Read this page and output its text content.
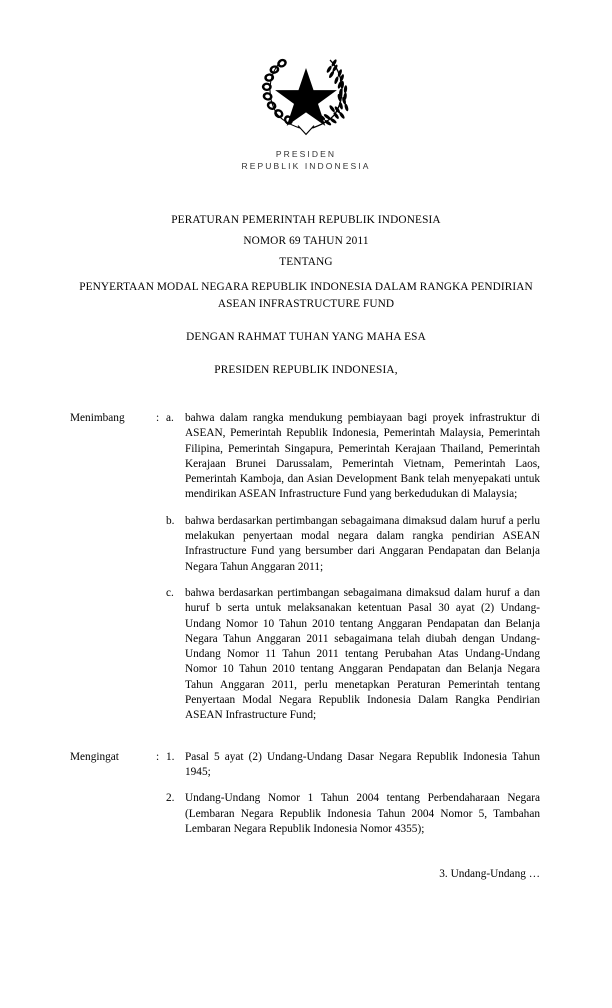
PRESIDEN
REPUBLIK INDONESIA
PERATURAN PEMERINTAH REPUBLIK INDONESIA
NOMOR 69 TAHUN 2011
TENTANG
PENYERTAAN MODAL NEGARA REPUBLIK INDONESIA DALAM RANGKA PENDIRIAN ASEAN INFRASTRUCTURE FUND
DENGAN RAHMAT TUHAN YANG MAHA ESA
PRESIDEN REPUBLIK INDONESIA,
Menimbang	: a. bahwa dalam rangka mendukung pembiayaan bagi proyek infrastruktur di ASEAN, Pemerintah Republik Indonesia, Pemerintah Malaysia, Pemerintah Filipina, Pemerintah Singapura, Pemerintah Kerajaan Thailand, Pemerintah Kerajaan Brunei Darussalam, Pemerintah Vietnam, Pemerintah Laos, Pemerintah Kamboja, dan Asian Development Bank telah menyepakati untuk mendirikan ASEAN Infrastructure Fund yang berkedudukan di Malaysia;
b. bahwa berdasarkan pertimbangan sebagaimana dimaksud dalam huruf a perlu melakukan penyertaan modal negara dalam rangka pendirian ASEAN Infrastructure Fund yang bersumber dari Anggaran Pendapatan dan Belanja Negara Tahun Anggaran 2011;
c. bahwa berdasarkan pertimbangan sebagaimana dimaksud dalam huruf a dan huruf b serta untuk melaksanakan ketentuan Pasal 30 ayat (2) Undang-Undang Nomor 10 Tahun 2010 tentang Anggaran Pendapatan dan Belanja Negara Tahun Anggaran 2011 sebagaimana telah diubah dengan Undang-Undang Nomor 11 Tahun 2011 tentang Perubahan Atas Undang-Undang Nomor 10 Tahun 2010 tentang Anggaran Pendapatan dan Belanja Negara Tahun Anggaran 2011, perlu menetapkan Peraturan Pemerintah tentang Penyertaan Modal Negara Republik Indonesia Dalam Rangka Pendirian ASEAN Infrastructure Fund;
Mengingat	: 1. Pasal 5 ayat (2) Undang-Undang Dasar Negara Republik Indonesia Tahun 1945;
2. Undang-Undang Nomor 1 Tahun 2004 tentang Perbendaharaan Negara (Lembaran Negara Republik Indonesia Tahun 2004 Nomor 5, Tambahan Lembaran Negara Republik Indonesia Nomor 4355);
3. Undang-Undang …
